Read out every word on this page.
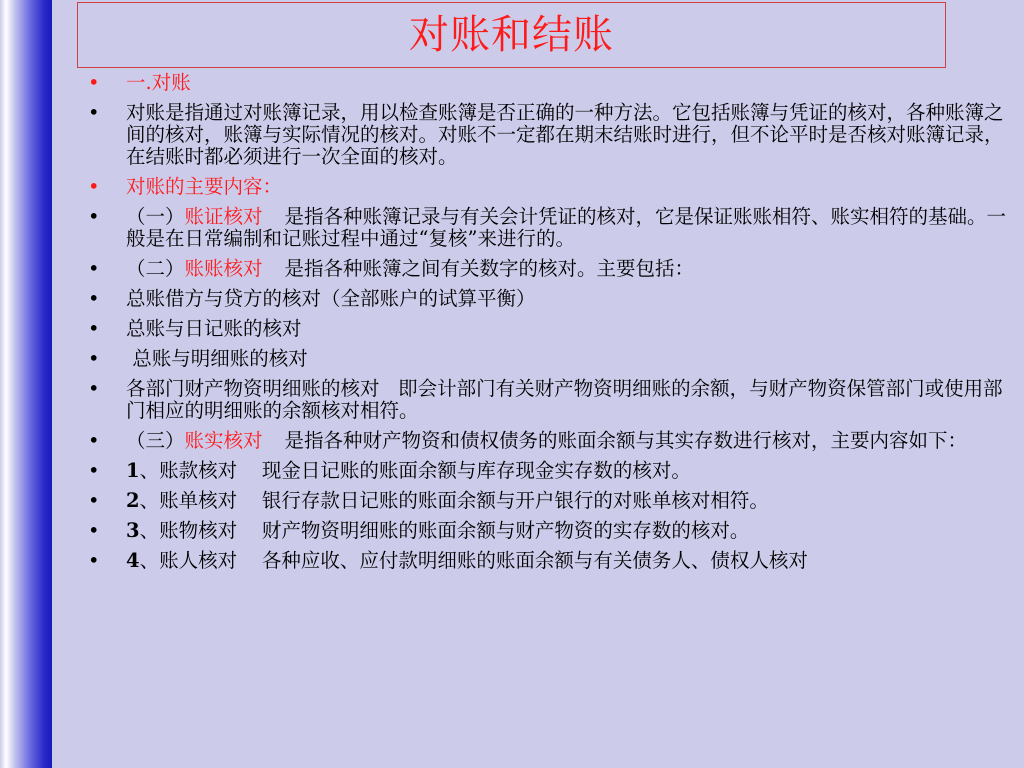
对账和结账
•	一.对账
•	对账是指通过对账簿记录，用以检查账簿是否正确的一种方法。它包括账簿与凭证的核对，各种账簿之间的核对，账簿与实际情况的核对。对账不一定都在期末结账时进行，但不论平时是否核对账簿记录，在结账时都必须进行一次全面的核对。
•	对账的主要内容：
•	（一）账证核对 是指各种账簿记录与有关会计凭证的核对，它是保证账账相符、账实相符的基础。一般是在日常编制和记账过程中通过“复核”来进行的。
•	（二）账账核对 是指各种账簿之间有关数字的核对。主要包括：
•	总账借方与贷方的核对（全部账户的试算平衡）
•	总账与日记账的核对
•	总账与明细账的核对
•	各部门财产物资明细账的核对   即会计部门有关财产物资明细账的余额，与财产物资保管部门或使用部门相应的明细账的余额核对相符。
•	（三）账实核对 是指各种财产物资和债权债务的账面余额与其实存数进行核对，主要内容如下：
•	1、账款核对    现金日记账的账面余额与库存现金实存数的核对。
•	2、账单核对    银行存款日记账的账面余额与开户银行的对账单核对相符。
•	3、账物核对    财产物资明细账的账面余额与财产物资的实存数的核对。
•	4、账人核对    各种应收、应付款明细账的账面余额与有关债务人、债权人核对
